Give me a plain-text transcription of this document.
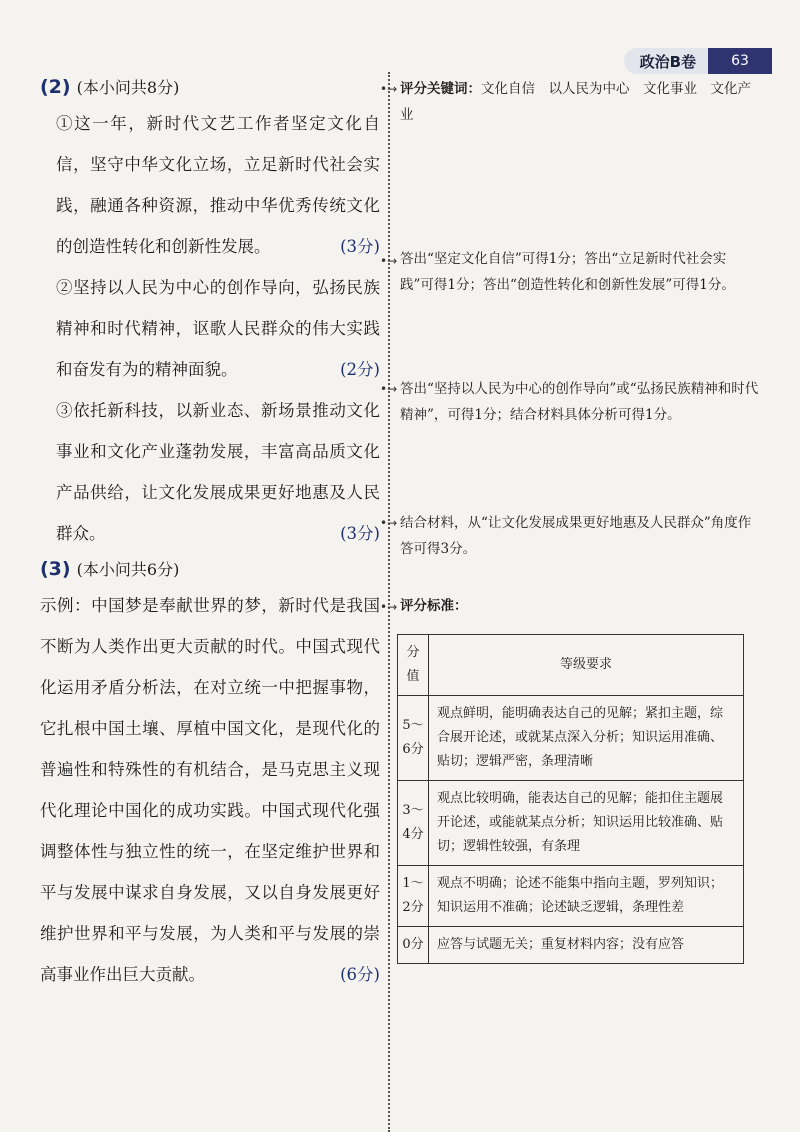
政治B卷	63
(2) (本小问共8分)

①这一年，新时代文艺工作者坚定文化自信，坚守中华文化立场，立足新时代社会实践，融通各种资源，推动中华优秀传统文化的创造性转化和创新性发展。	(3分)

②坚持以人民为中心的创作导向，弘扬民族精神和时代精神，讴歌人民群众的伟大实践和奋发有为的精神面貌。	(2分)

③依托新科技，以新业态、新场景推动文化事业和文化产业蓬勃发展，丰富高品质文化产品供给，让文化发展成果更好地惠及人民群众。	(3分)

(3) (本小问共6分)

示例：中国梦是奉献世界的梦，新时代是我国不断为人类作出更大贡献的时代。中国式现代化运用矛盾分析法，在对立统一中把握事物，它扎根中国土壤、厚植中国文化，是现代化的普遍性和特殊性的有机结合，是马克思主义现代化理论中国化的成功实践。中国式现代化强调整体性与独立性的统一，在坚定维护世界和平与发展中谋求自身发展，又以自身发展更好维护世界和平与发展，为人类和平与发展的崇高事业作出巨大贡献。	(6分)

•→
•→
•→
•→
•→

评分关键词：文化自信　以人民为中心　文化事业　文化产业

答出“坚定文化自信”可得1分；答出“立足新时代社会实践”可得1分；答出“创造性转化和创新性发展”可得1分。

答出“坚持以人民为中心的创作导向”或“弘扬民族精神和时代精神”，可得1分；结合材料具体分析可得1分。

结合材料，从“让文化发展成果更好地惠及人民群众”角度作答可得3分。

评分标准：

分值	等级要求
5～6分	观点鲜明，能明确表达自己的见解；紧扣主题，综合展开论述，或就某点深入分析；知识运用准确、贴切；逻辑严密，条理清晰
3～4分	观点比较明确，能表达自己的见解；能扣住主题展开论述，或能就某点分析；知识运用比较准确、贴切；逻辑性较强，有条理
1～2分	观点不明确；论述不能集中指向主题，罗列知识；知识运用不准确；论述缺乏逻辑，条理性差
0分	应答与试题无关；重复材料内容；没有应答
